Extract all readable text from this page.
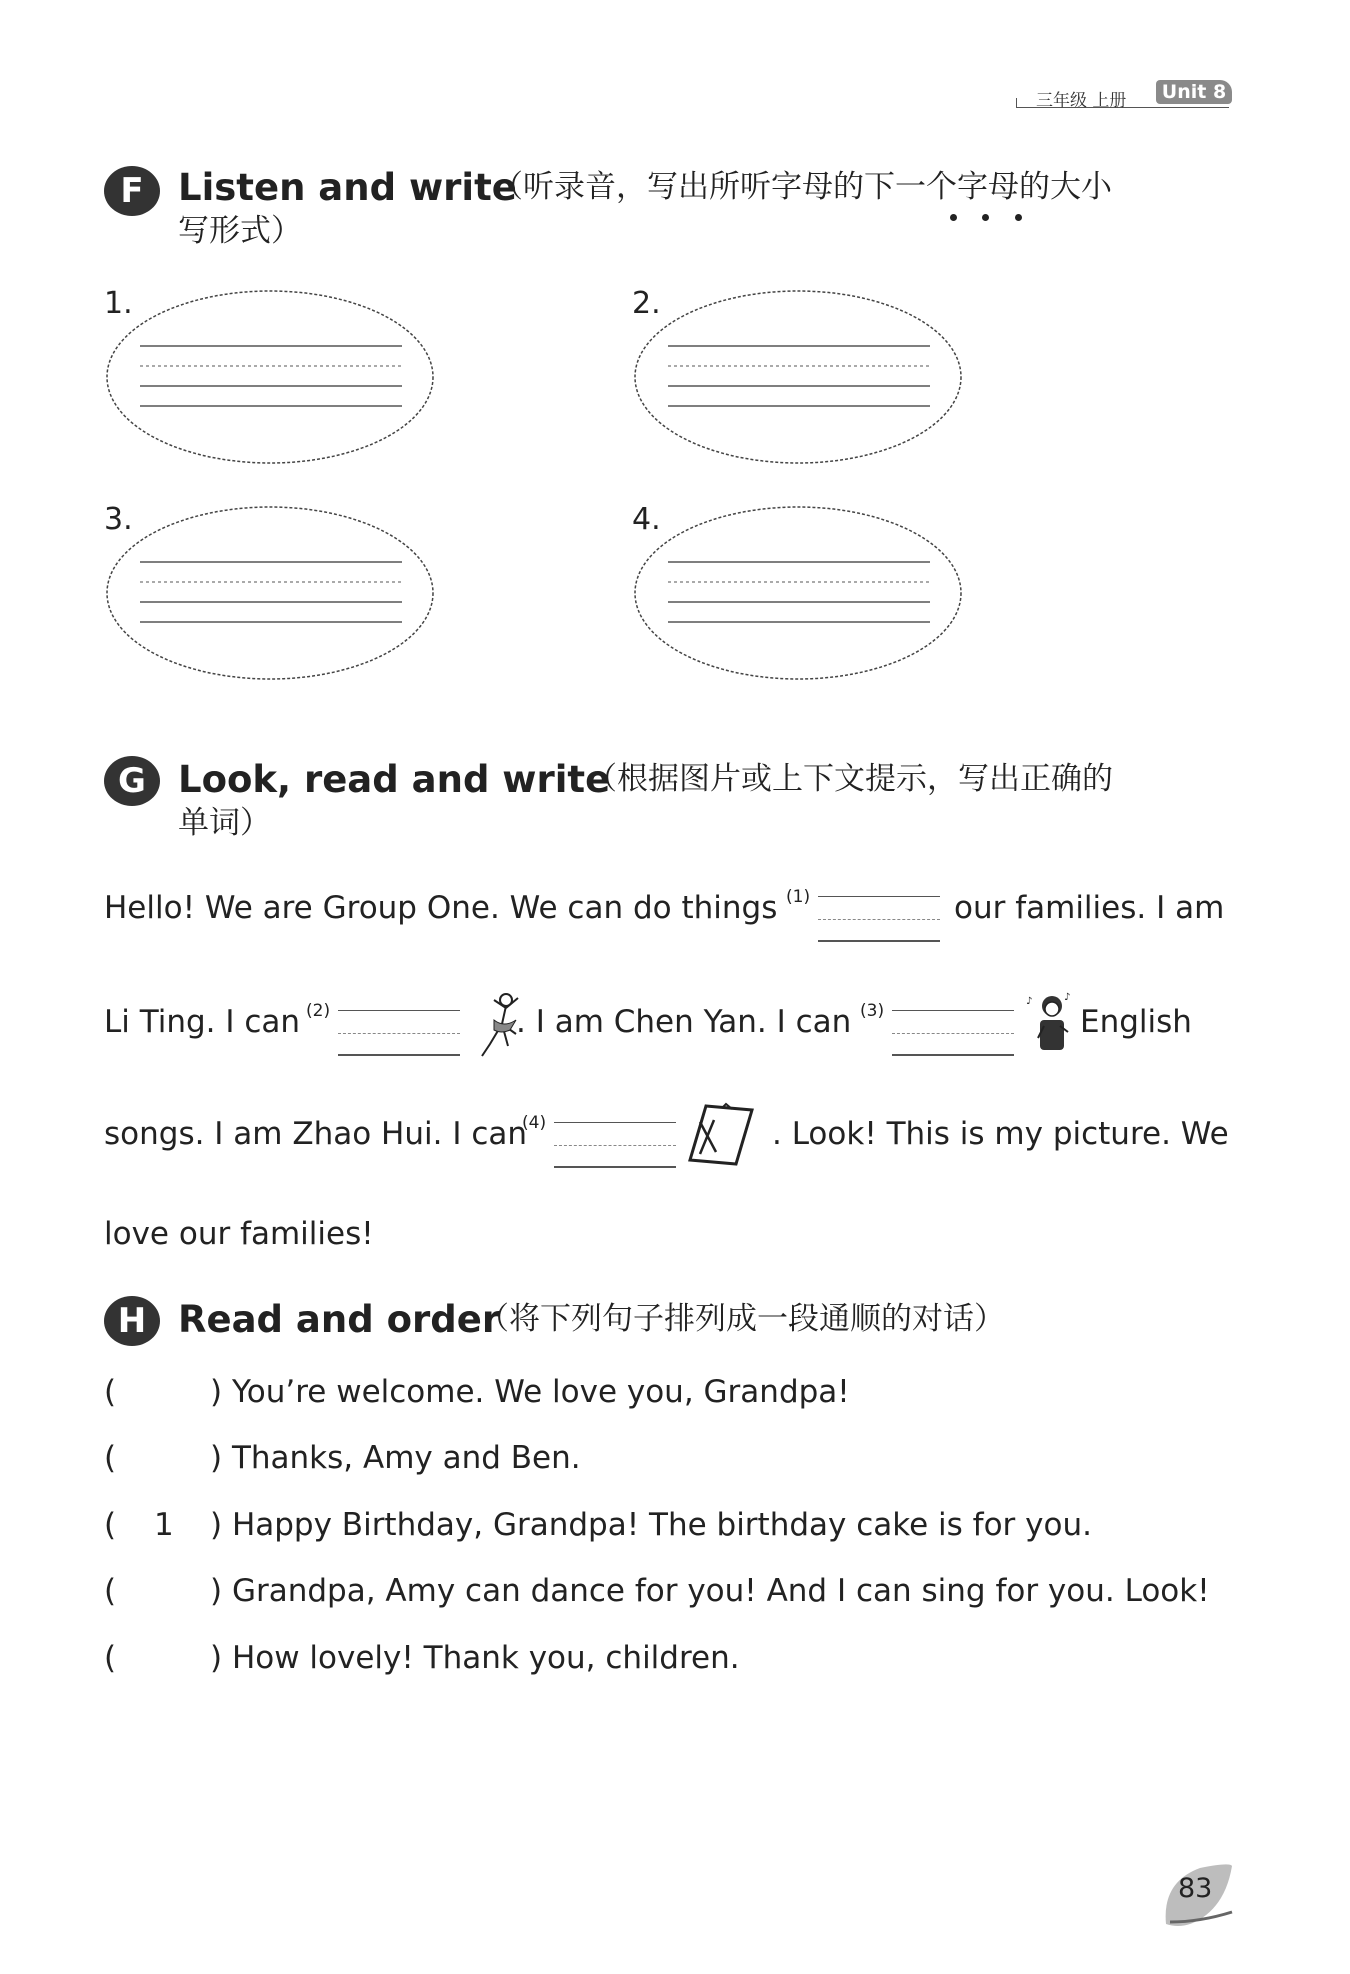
三年级 上册	Unit 8
F Listen and write
（听录音，写出所听字母的下一个字母的大小
写形式）
1.	2.
3.	4.
G Look, read and write
（根据图片或上下文提示，写出正确的
单词）
Hello! We are Group One. We can do things (1)	our families. I am
Li Ting. I can (2)	. I am Chen Yan. I can (3)	♪	♪
English
songs. I am Zhao Hui. I can
(4)	. Look! This is my picture. We
love our families!
H Read and order
（将下列句子排列成一段通顺的对话）
(	) You’re welcome. We love you, Grandpa!
(	) Thanks, Amy and Ben.
( 1 ) Happy Birthday, Grandpa! The birthday cake is for you.
(	) Grandpa, Amy can dance for you! And I can sing for you. Look!
(	) How lovely! Thank you, children.
83
